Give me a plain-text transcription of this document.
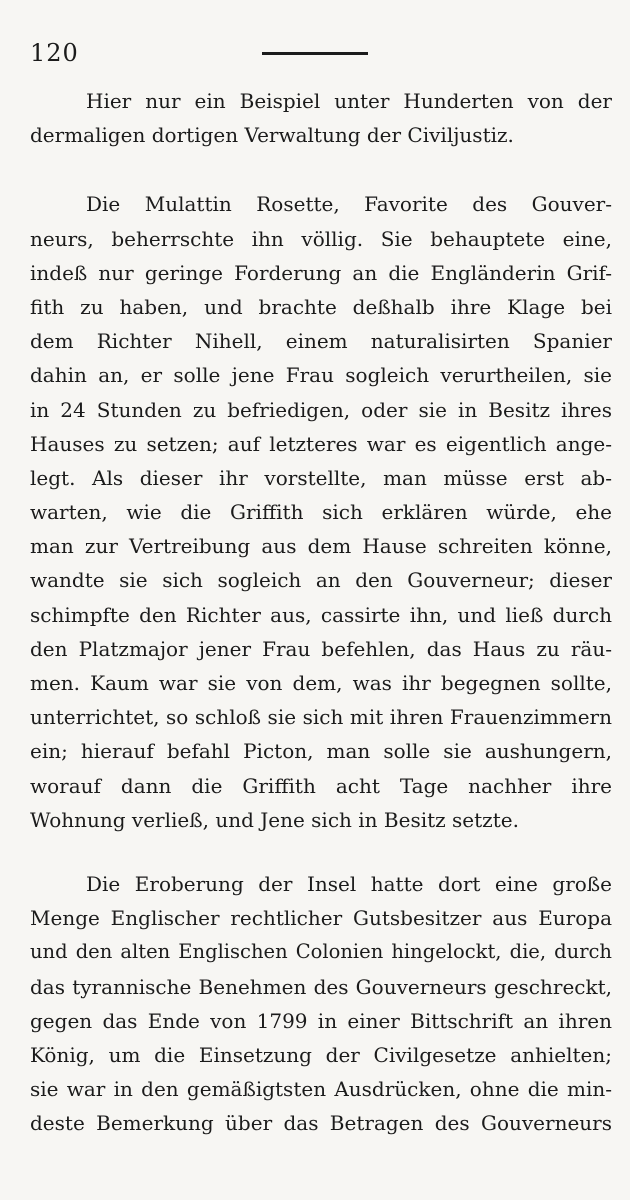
120
Hier nur ein Beispiel unter Hunderten von der
dermaligen dortigen Verwaltung der Civiljustiz.
Die Mulattin Rosette, Favorite des Gouver-
neurs, beherrschte ihn völlig. Sie behauptete eine,
indeß nur geringe Forderung an die Engländerin Grif-
fith zu haben, und brachte deßhalb ihre Klage bei
dem Richter Nihell, einem naturalisirten Spanier
dahin an, er solle jene Frau sogleich verurtheilen, sie
in 24 Stunden zu befriedigen, oder sie in Besitz ihres
Hauses zu setzen; auf letzteres war es eigentlich ange-
legt. Als dieser ihr vorstellte, man müsse erst ab-
warten, wie die Griffith sich erklären würde, ehe
man zur Vertreibung aus dem Hause schreiten könne,
wandte sie sich sogleich an den Gouverneur; dieser
schimpfte den Richter aus, cassirte ihn, und ließ durch
den Platzmajor jener Frau befehlen, das Haus zu räu-
men. Kaum war sie von dem, was ihr begegnen sollte,
unterrichtet, so schloß sie sich mit ihren Frauenzimmern
ein; hierauf befahl Picton, man solle sie aushungern,
worauf dann die Griffith acht Tage nachher ihre
Wohnung verließ, und Jene sich in Besitz setzte.
Die Eroberung der Insel hatte dort eine große
Menge Englischer rechtlicher Gutsbesitzer aus Europa
und den alten Englischen Colonien hingelockt, die, durch
das tyrannische Benehmen des Gouverneurs geschreckt,
gegen das Ende von 1799 in einer Bittschrift an ihren
König, um die Einsetzung der Civilgesetze anhielten;
sie war in den gemäßigtsten Ausdrücken, ohne die min-
deste Bemerkung über das Betragen des Gouverneurs
